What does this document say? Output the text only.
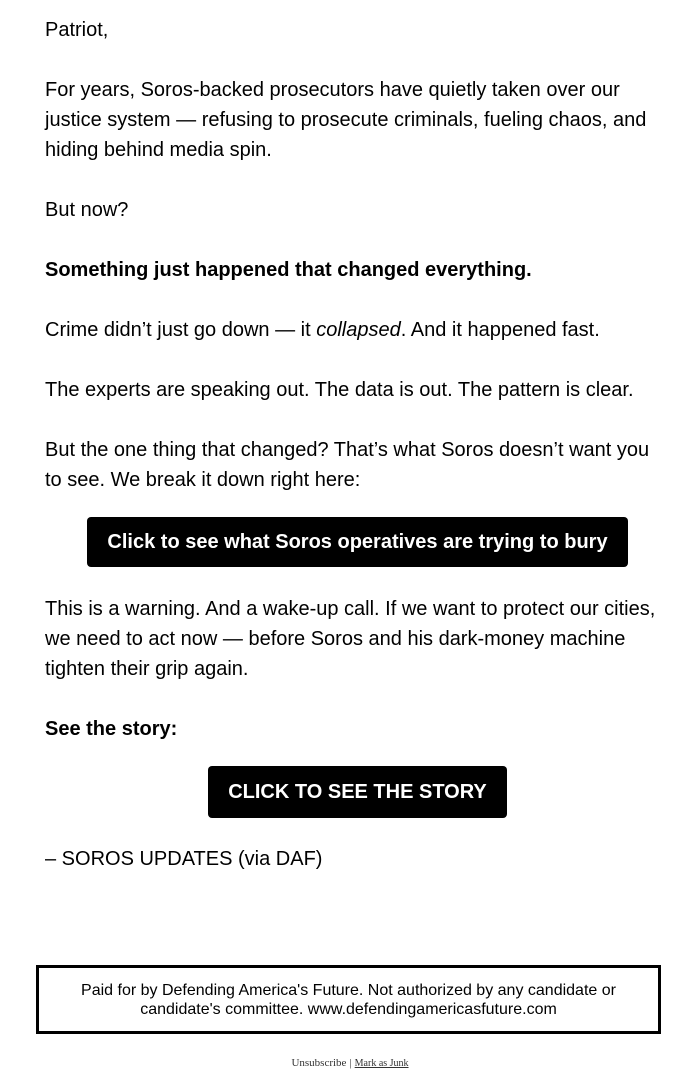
Patriot,

For years, Soros-backed prosecutors have quietly taken over our justice system — refusing to prosecute criminals, fueling chaos, and hiding behind media spin.

But now?

Something just happened that changed everything.

Crime didn’t just go down — it collapsed. And it happened fast.

The experts are speaking out. The data is out. The pattern is clear.

But the one thing that changed? That’s what Soros doesn’t want you to see. We break it down right here:

Click to see what Soros operatives are trying to bury

This is a warning. And a wake-up call. If we want to protect our cities, we need to act now — before Soros and his dark-money machine tighten their grip again.

See the story:

CLICK TO SEE THE STORY

– SOROS UPDATES (via DAF)

Paid for by Defending America's Future. Not authorized by any candidate or candidate's committee. www.defendingamericasfuture.com
Unsubscribe | Mark as Junk
